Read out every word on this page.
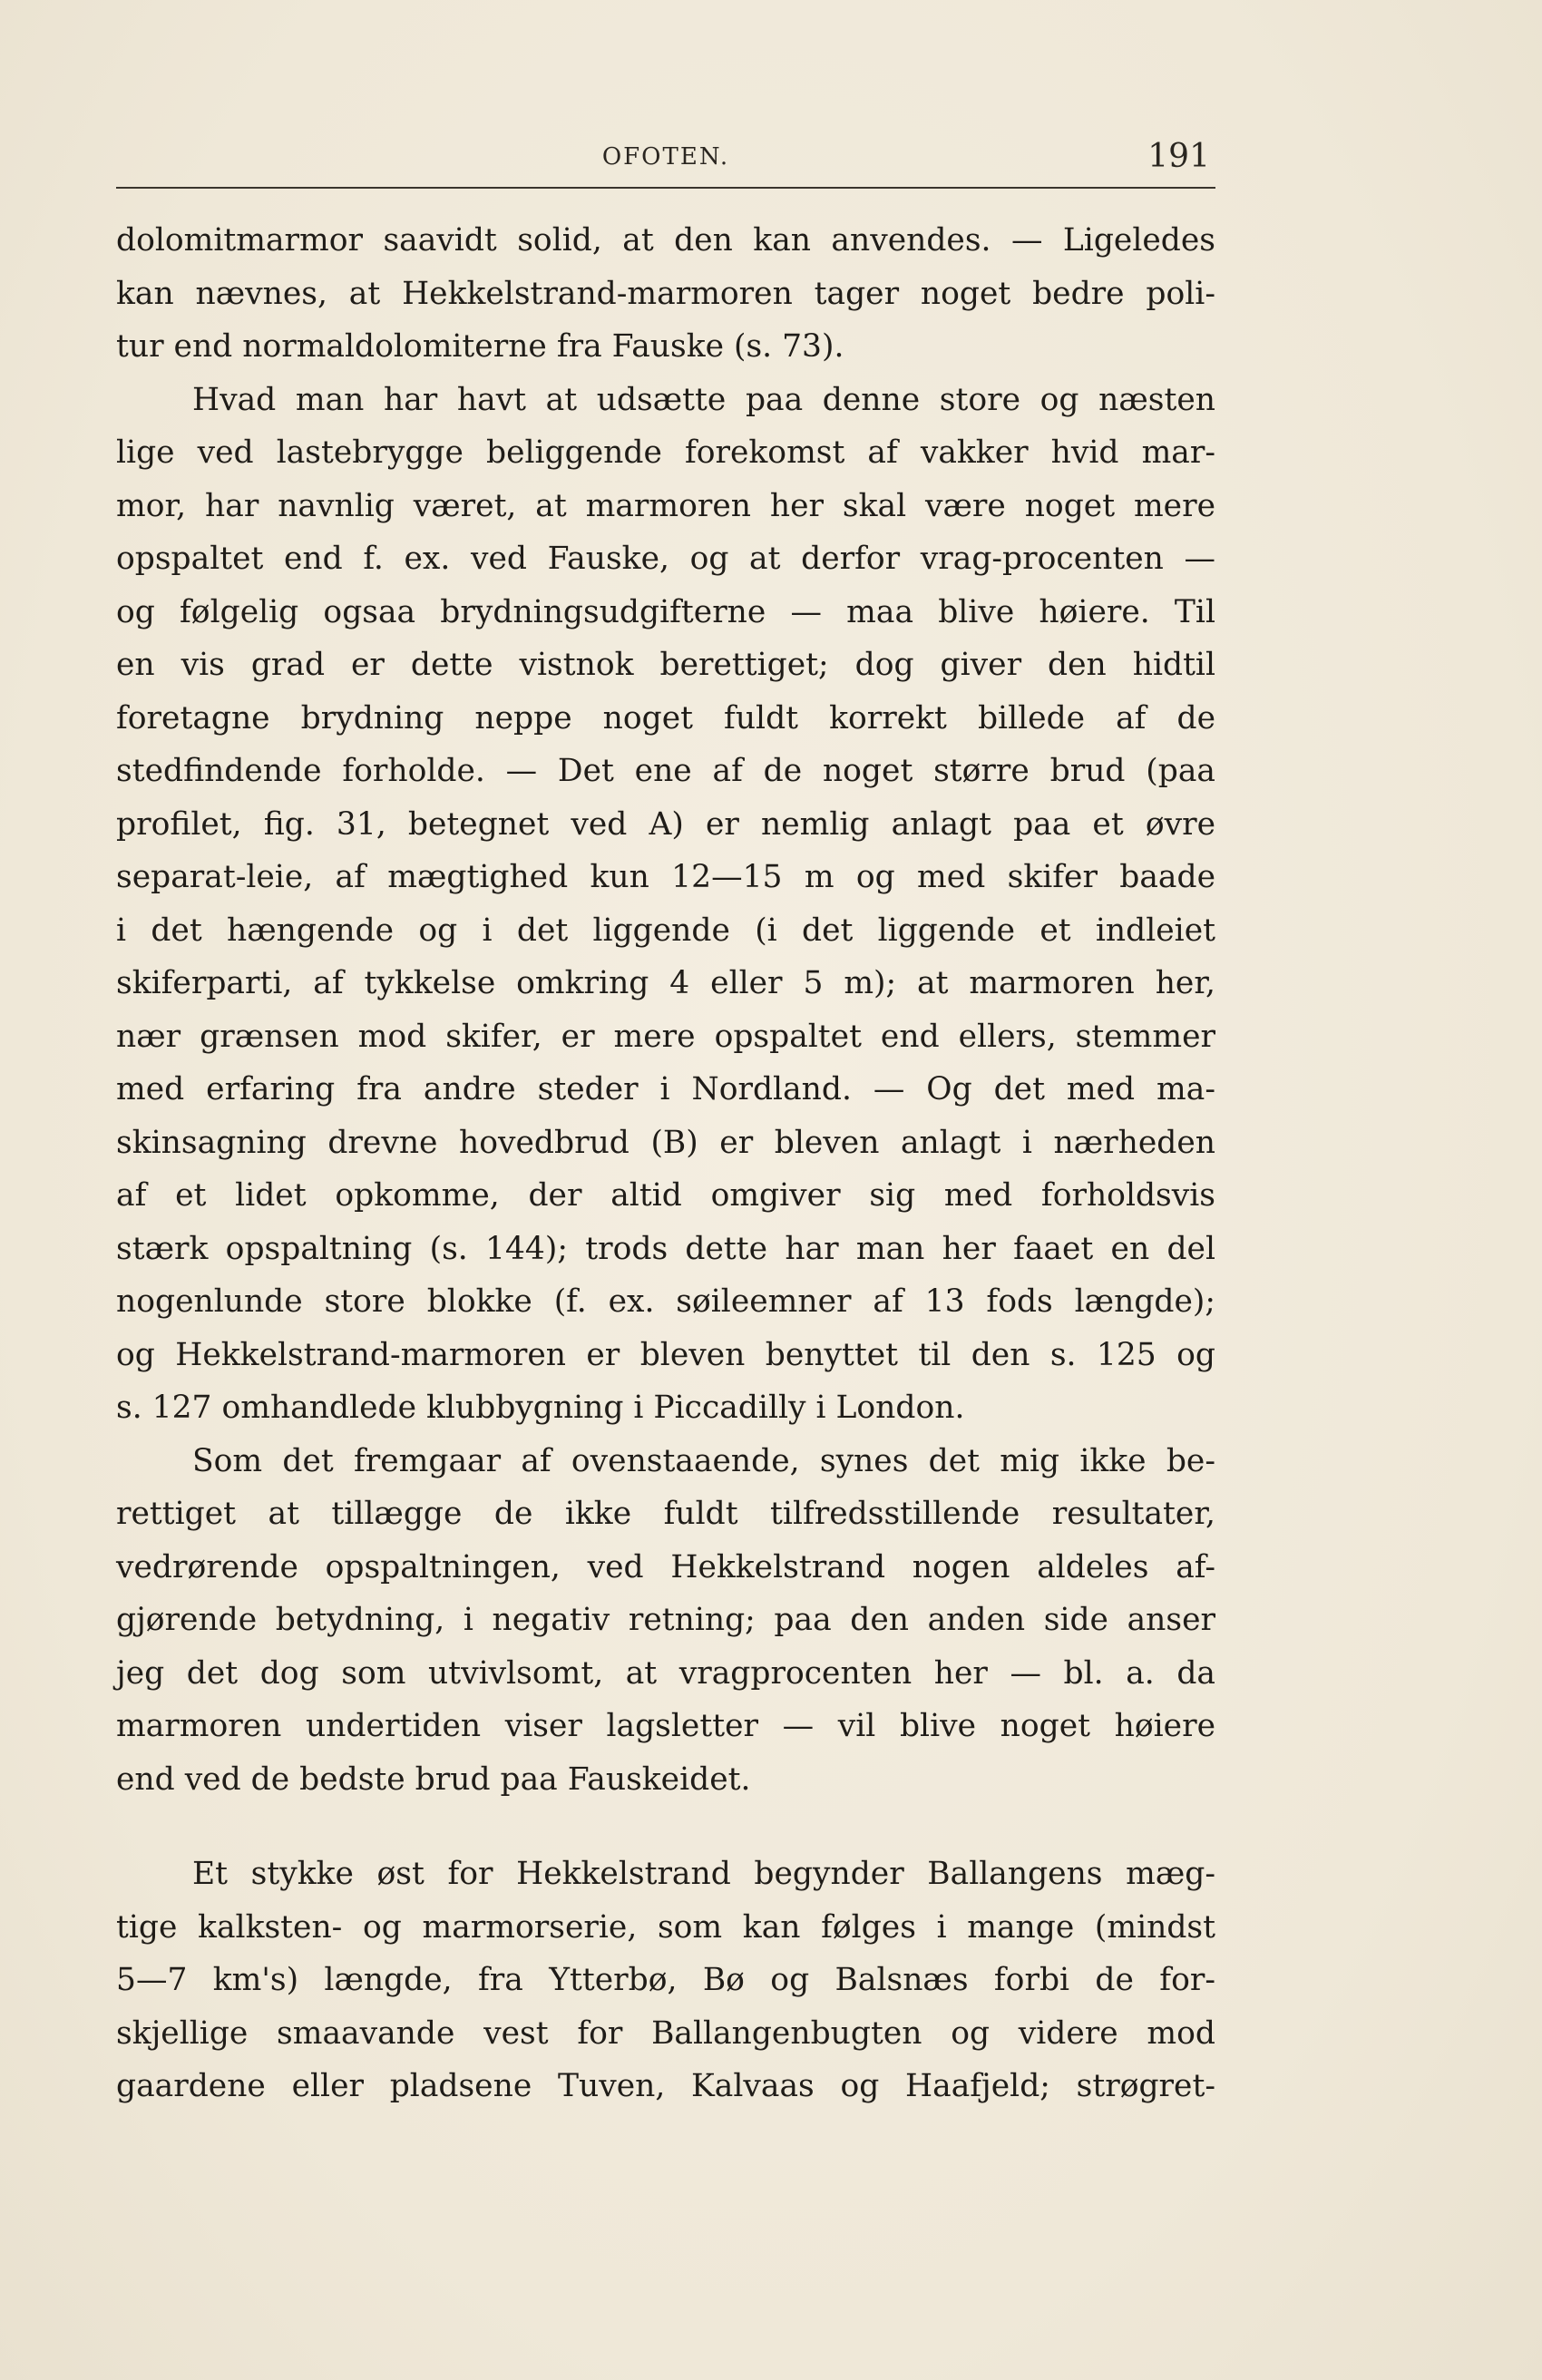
OFOTEN.	191
dolomitmarmor saavidt solid, at den kan anvendes. — Ligeledes
kan nævnes, at Hekkelstrand-marmoren tager noget bedre poli-
tur end normaldolomiterne fra Fauske (s. 73).
Hvad man har havt at udsætte paa denne store og næsten
lige ved lastebrygge beliggende forekomst af vakker hvid mar-
mor, har navnlig været, at marmoren her skal være noget mere
opspaltet end f. ex. ved Fauske, og at derfor vrag-procenten —
og følgelig ogsaa brydningsudgifterne — maa blive høiere. Til
en vis grad er dette vistnok berettiget; dog giver den hidtil
foretagne brydning neppe noget fuldt korrekt billede af de
stedfindende forholde. — Det ene af de noget større brud (paa
profilet, fig. 31, betegnet ved A) er nemlig anlagt paa et øvre
separat-leie, af mægtighed kun 12—15 m og med skifer baade
i det hængende og i det liggende (i det liggende et indleiet
skiferparti, af tykkelse omkring 4 eller 5 m); at marmoren her,
nær grænsen mod skifer, er mere opspaltet end ellers, stemmer
med erfaring fra andre steder i Nordland. — Og det med ma-
skinsagning drevne hovedbrud (B) er bleven anlagt i nærheden
af et lidet opkomme, der altid omgiver sig med forholdsvis
stærk opspaltning (s. 144); trods dette har man her faaet en del
nogenlunde store blokke (f. ex. søileemner af 13 fods længde);
og Hekkelstrand-marmoren er bleven benyttet til den s. 125 og
s. 127 omhandlede klubbygning i Piccadilly i London.
Som det fremgaar af ovenstaaende, synes det mig ikke be-
rettiget at tillægge de ikke fuldt tilfredsstillende resultater,
vedrørende opspaltningen, ved Hekkelstrand nogen aldeles af-
gjørende betydning, i negativ retning; paa den anden side anser
jeg det dog som utvivlsomt, at vragprocenten her — bl. a. da
marmoren undertiden viser lagsletter — vil blive noget høiere
end ved de bedste brud paa Fauskeidet.
Et stykke øst for Hekkelstrand begynder Ballangens mæg-
tige kalksten- og marmorserie, som kan følges i mange (mindst
5—7 km's) længde, fra Ytterbø, Bø og Balsnæs forbi de for-
skjellige smaavande vest for Ballangenbugten og videre mod
gaardene eller pladsene Tuven, Kalvaas og Haafjeld; strøgret-
